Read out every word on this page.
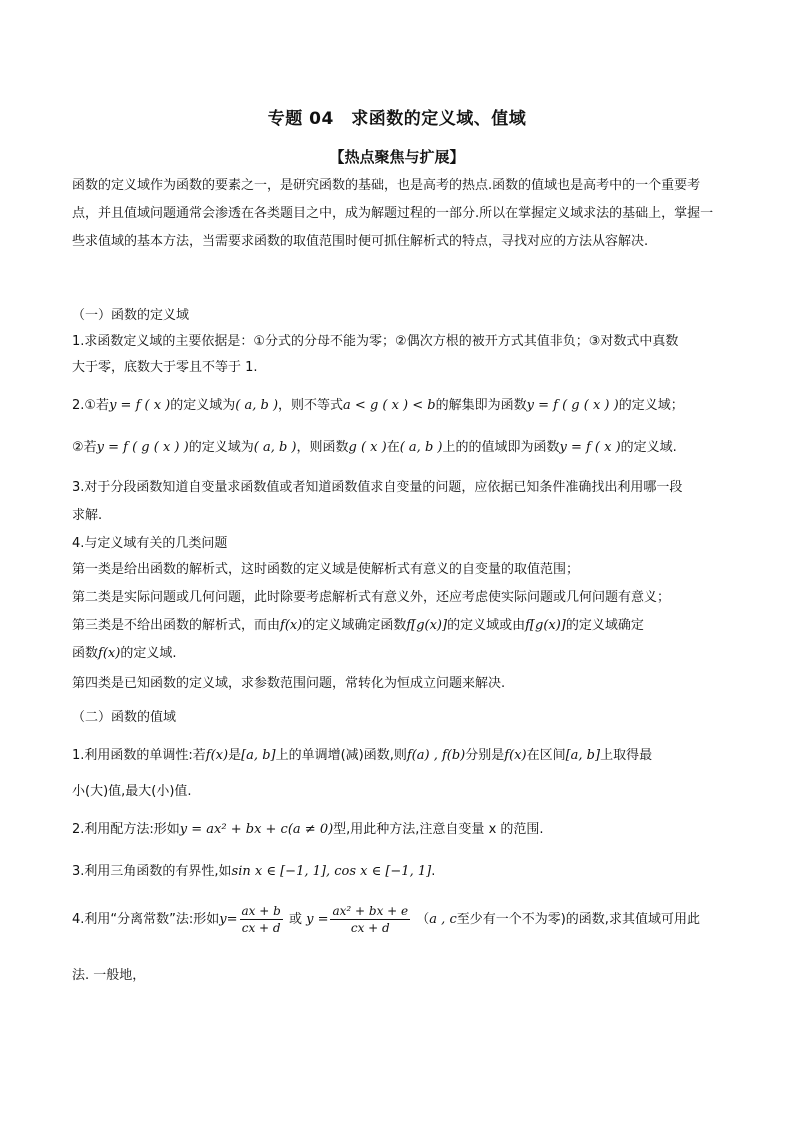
专题 04　求函数的定义域、值域
【热点聚焦与扩展】
函数的定义域作为函数的要素之一，是研究函数的基础，也是高考的热点.函数的值域也是高考中的一个重要考点，并且值域问题通常会渗透在各类题目之中，成为解题过程的一部分.所以在掌握定义域求法的基础上，掌握一些求值域的基本方法，当需要求函数的取值范围时便可抓住解析式的特点，寻找对应的方法从容解决.
（一）函数的定义域
1.求函数定义域的主要依据是：①分式的分母不能为零；②偶次方根的被开方式其值非负；③对数式中真数
大于零，底数大于零且不等于 1.
2.①若y = f ( x )的定义域为( a, b )，则不等式a < g ( x ) < b的解集即为函数y = f ( g ( x ) )的定义域；
②若y = f ( g ( x ) )的定义域为( a, b )，则函数g ( x )在( a, b )上的的值域即为函数y = f ( x )的定义域.
3.对于分段函数知道自变量求函数值或者知道函数值求自变量的问题，应依据已知条件准确找出利用哪一段
求解.
4.与定义域有关的几类问题
第一类是给出函数的解析式，这时函数的定义域是使解析式有意义的自变量的取值范围；
第二类是实际问题或几何问题，此时除要考虑解析式有意义外，还应考虑使实际问题或几何问题有意义；
第三类是不给出函数的解析式，而由f(x)的定义域确定函数f[g(x)]的定义域或由f[g(x)]的定义域确定
函数f(x)的定义域.
第四类是已知函数的定义域，求参数范围问题，常转化为恒成立问题来解决.
（二）函数的值域
1.利用函数的单调性:若f(x)是[a, b]上的单调增(减)函数,则f(a) , f(b)分别是f(x)在区间[a, b]上取得最
小(大)值,最大(小)值.
2.利用配方法:形如y = ax² + bx + c(a ≠ 0)型,用此种方法,注意自变量 x 的范围.
3.利用三角函数的有界性,如sin x ∈ [−1, 1], cos x ∈ [−1, 1].
4.利用“分离常数”法:形如$y= \frac{ax + b}{cx + d}$ 或 $y = \frac{\text{ax² + bx + e}}{cx + d} (a$ , c至少有一个不为零)的函数,求其值域可用此
法. 一般地，
